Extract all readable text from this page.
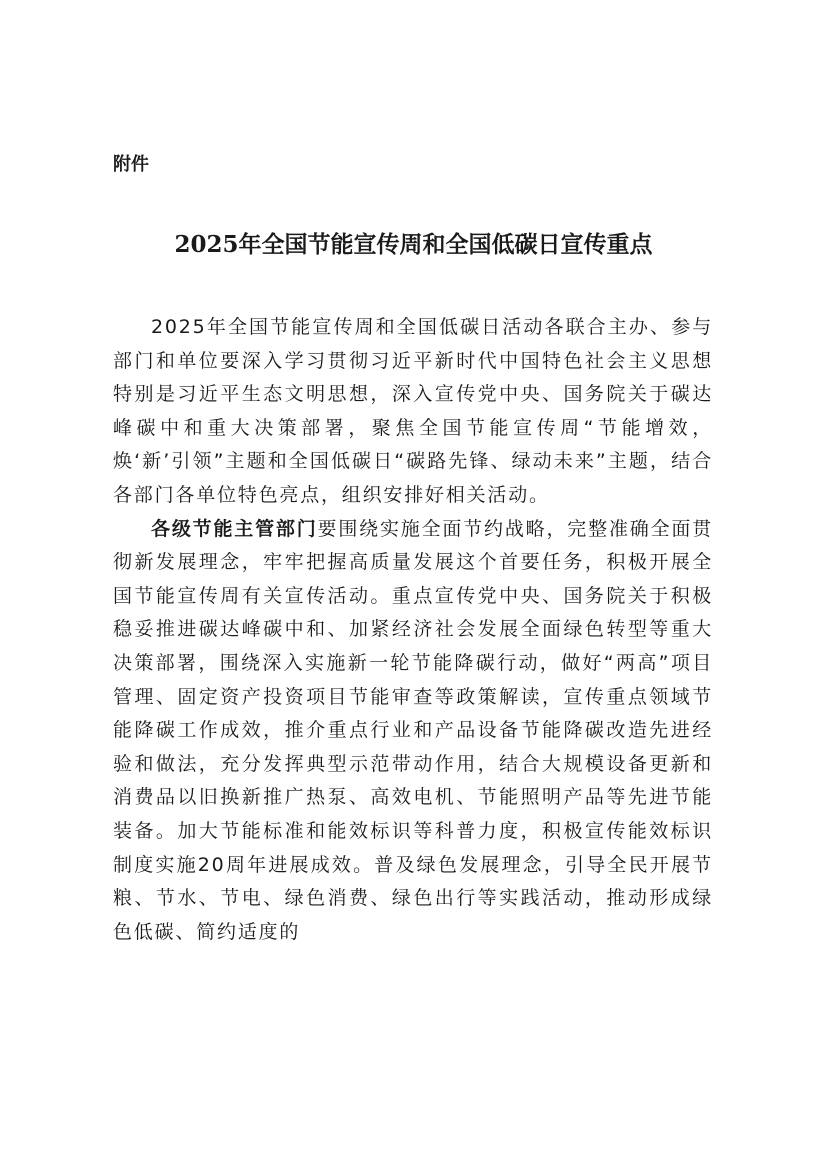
附件
2025年全国节能宣传周和全国低碳日宣传重点

2025年全国节能宣传周和全国低碳日活动各联合主办、参与部门和单位要深入学习贯彻习近平新时代中国特色社会主义思想特别是习近平生态文明思想，深入宣传党中央、国务院关于碳达峰碳中和重大决策部署，聚焦全国节能宣传周“节能增效，焕‘新’引领”主题和全国低碳日“碳路先锋、绿动未来”主题，结合各部门各单位特色亮点，组织安排好相关活动。

各级节能主管部门要围绕实施全面节约战略，完整准确全面贯彻新发展理念，牢牢把握高质量发展这个首要任务，积极开展全国节能宣传周有关宣传活动。重点宣传党中央、国务院关于积极稳妥推进碳达峰碳中和、加紧经济社会发展全面绿色转型等重大决策部署，围绕深入实施新一轮节能降碳行动，做好“两高”项目管理、固定资产投资项目节能审查等政策解读，宣传重点领域节能降碳工作成效，推介重点行业和产品设备节能降碳改造先进经验和做法，充分发挥典型示范带动作用，结合大规模设备更新和消费品以旧换新推广热泵、高效电机、节能照明产品等先进节能装备。加大节能标准和能效标识等科普力度，积极宣传能效标识制度实施20周年进展成效。普及绿色发展理念，引导全民开展节粮、节水、节电、绿色消费、绿色出行等实践活动，推动形成绿色低碳、简约适度的
